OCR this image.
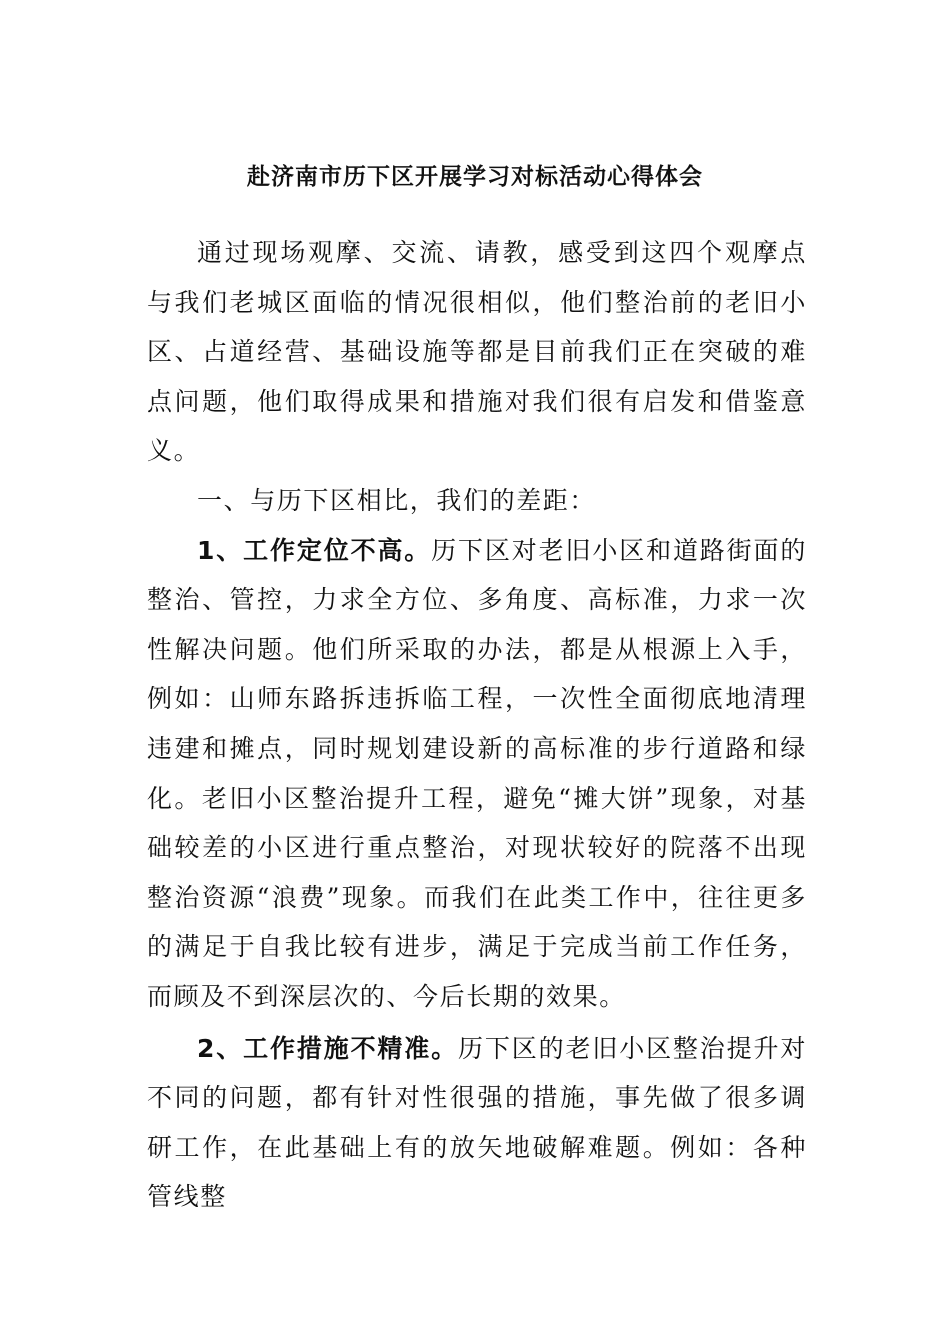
赴济南市历下区开展学习对标活动心得体会

通过现场观摩、交流、请教，感受到这四个观摩点与我们老城区面临的情况很相似，他们整治前的老旧小区、占道经营、基础设施等都是目前我们正在突破的难点问题，他们取得成果和措施对我们很有启发和借鉴意义。

一、与历下区相比，我们的差距：

1、工作定位不高。历下区对老旧小区和道路街面的整治、管控，力求全方位、多角度、高标准，力求一次性解决问题。他们所采取的办法，都是从根源上入手，例如：山师东路拆违拆临工程，一次性全面彻底地清理违建和摊点，同时规划建设新的高标准的步行道路和绿化。老旧小区整治提升工程，避免“摊大饼”现象，对基础较差的小区进行重点整治，对现状较好的院落不出现整治资源“浪费”现象。而我们在此类工作中，往往更多的满足于自我比较有进步，满足于完成当前工作任务，而顾及不到深层次的、今后长期的效果。

2、工作措施不精准。历下区的老旧小区整治提升对不同的问题，都有针对性很强的措施，事先做了很多调研工作，在此基础上有的放矢地破解难题。例如：各种管线整
